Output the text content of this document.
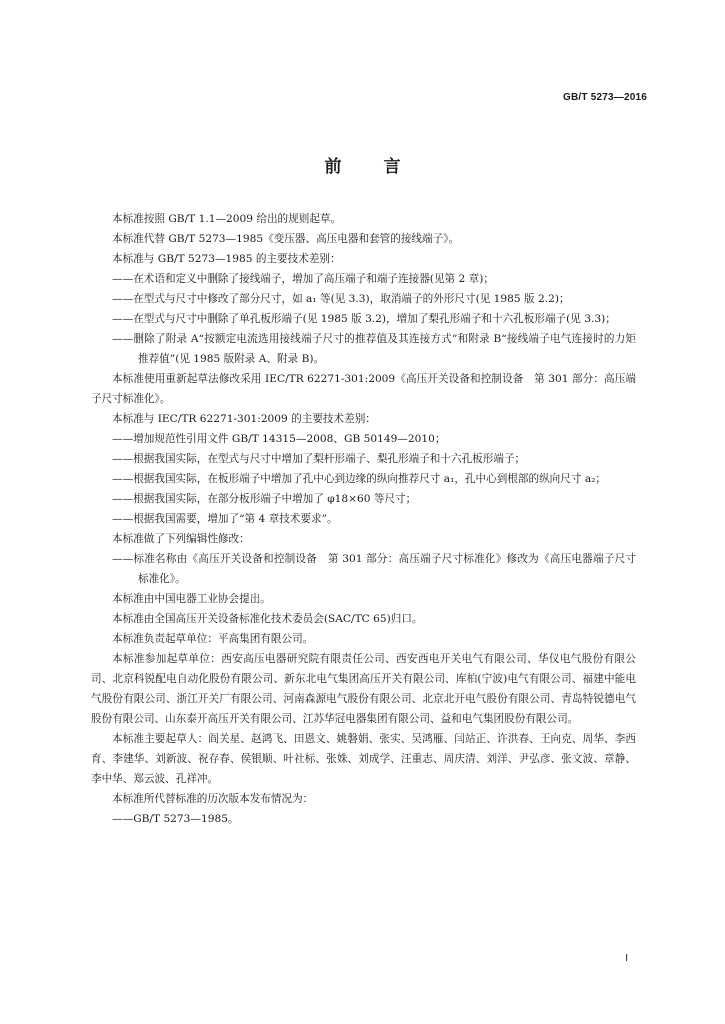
GB/T 5273—2016
前言

本标准按照 GB/T 1.1—2009 给出的规则起草。

本标准代替 GB/T 5273—1985《变压器、高压电器和套管的接线端子》。

本标准与 GB/T 5273—1985 的主要技术差别：

——在术语和定义中删除了接线端子，增加了高压端子和端子连接器(见第 2 章)；

——在型式与尺寸中修改了部分尺寸，如 a₁ 等(见 3.3)，取消端子的外形尺寸(见 1985 版 2.2)；

——在型式与尺寸中删除了单孔板形端子(见 1985 版 3.2)，增加了梨孔形端子和十六孔板形端子(见 3.3)；

——删除了附录 A“按额定电流选用接线端子尺寸的推荐值及其连接方式”和附录 B“接线端子电气连接时的力矩推荐值”(见 1985 版附录 A、附录 B)。

本标准使用重新起草法修改采用 IEC/TR 62271-301:2009《高压开关设备和控制设备　第 301 部分：高压端子尺寸标准化》。

本标准与 IEC/TR 62271-301:2009 的主要技术差别：

——增加规范性引用文件 GB/T 14315—2008、GB 50149—2010；

——根据我国实际，在型式与尺寸中增加了梨杆形端子、梨孔形端子和十六孔板形端子；

——根据我国实际，在板形端子中增加了孔中心到边缘的纵向推荐尺寸 a₁，孔中心到根部的纵向尺寸 a₂；

——根据我国实际，在部分板形端子中增加了 φ18×60 等尺寸；

——根据我国需要，增加了“第 4 章技术要求”。

本标准做了下列编辑性修改：

——标准名称由《高压开关设备和控制设备　第 301 部分：高压端子尺寸标准化》修改为《高压电器端子尺寸标准化》。

本标准由中国电器工业协会提出。

本标准由全国高压开关设备标准化技术委员会(SAC/TC 65)归口。

本标准负责起草单位：平高集团有限公司。

本标准参加起草单位：西安高压电器研究院有限责任公司、西安西电开关电气有限公司、华仪电气股份有限公司、北京科锐配电自动化股份有限公司、新东北电气集团高压开关有限公司、库柏(宁波)电气有限公司、福建中能电气股份有限公司、浙江开关厂有限公司、河南森源电气股份有限公司、北京北开电气股份有限公司、青岛特锐德电气股份有限公司、山东泰开高压开关有限公司、江苏华冠电器集团有限公司、益和电气集团股份有限公司。

本标准主要起草人：阎关星、赵鸿飞、田恩文、姚磐娟、张实、吴鸿雁、闫站正、许洪春、王向克、周华、李西育、李建华、刘新波、祝存春、侯银顺、叶社标、张姝、刘成学、汪重志、周庆清、刘洋、尹弘彦、张文波、章静、李中华、郑云波、孔祥冲。

本标准所代替标准的历次版本发布情况为：

——GB/T 5273—1985。

I
